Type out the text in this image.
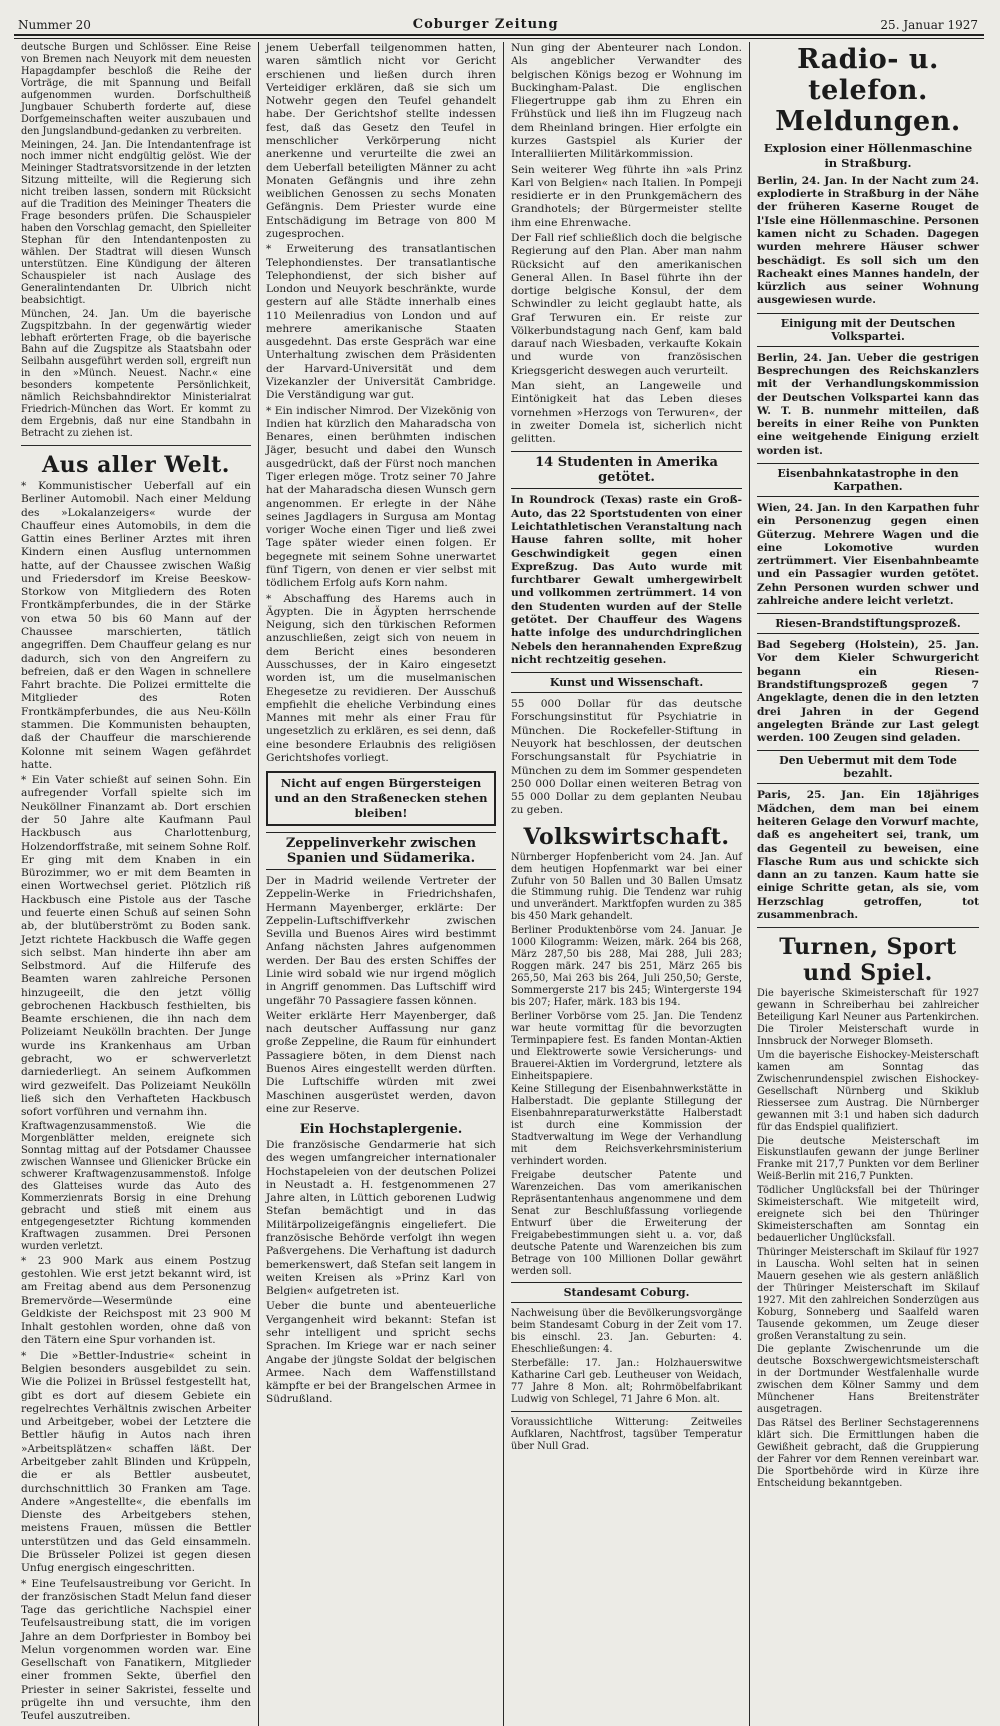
Nummer 20	Coburger Zeitung	25. Januar 1927

deutsche Burgen und Schlösser. Eine Reise von Bremen nach Neuyork mit dem neuesten Hapagdampfer beschloß die Reihe der Vorträge, die mit Spannung und Beifall aufgenommen wurden. Dorfschultheiß Jungbauer Schuberth forderte auf, diese Dorfgemeinschaften weiter auszubauen und den Jungslandbund-gedanken zu verbreiten.

Meiningen, 24. Jan. Die Intendantenfrage ist noch immer nicht endgültig gelöst. Wie der Meininger Stadtratsvorsitzende in der letzten Sitzung mitteilte, will die Regierung sich nicht treiben lassen, sondern mit Rücksicht auf die Tradition des Meininger Theaters die Frage besonders prüfen. Die Schauspieler haben den Vorschlag gemacht, den Spielleiter Stephan für den Intendantenposten zu wählen. Der Stadtrat will diesen Wunsch unterstützen. Eine Kündigung der älteren Schauspieler ist nach Auslage des Generalintendanten Dr. Ulbrich nicht beabsichtigt.

München, 24. Jan. Um die bayerische Zugspitzbahn. In der gegenwärtig wieder lebhaft erörterten Frage, ob die bayerische Bahn auf die Zugspitze als Staatsbahn oder Seilbahn ausgeführt werden soll, ergreift nun in den »Münch. Neuest. Nachr.« eine besonders kompetente Persönlichkeit, nämlich Reichsbahndirektor Ministerialrat Friedrich-München das Wort. Er kommt zu dem Ergebnis, daß nur eine Standbahn in Betracht zu ziehen ist.

Aus aller Welt.

* Kommunistischer Ueberfall auf ein Berliner Automobil. Nach einer Meldung des »Lokalanzeigers« wurde der Chauffeur eines Automobils, in dem die Gattin eines Berliner Arztes mit ihren Kindern einen Ausflug unternommen hatte, auf der Chaussee zwischen Waßig und Friedersdorf im Kreise Beeskow-Storkow von Mitgliedern des Roten Frontkämpferbundes, die in der Stärke von etwa 50 bis 60 Mann auf der Chaussee marschierten, tätlich angegriffen. Dem Chauffeur gelang es nur dadurch, sich von den Angreifern zu befreien, daß er den Wagen in schnellere Fahrt brachte. Die Polizei ermittelte die Mitglieder des Roten Frontkämpferbundes, die aus Neu-Kölln stammen. Die Kommunisten behaupten, daß der Chauffeur die marschierende Kolonne mit seinem Wagen gefährdet hatte.

* Ein Vater schießt auf seinen Sohn. Ein aufregender Vorfall spielte sich im Neuköllner Finanzamt ab. Dort erschien der 50 Jahre alte Kaufmann Paul Hackbusch aus Charlottenburg, Holzendorffstraße, mit seinem Sohne Rolf. Er ging mit dem Knaben in ein Bürozimmer, wo er mit dem Beamten in einen Wortwechsel geriet. Plötzlich riß Hackbusch eine Pistole aus der Tasche und feuerte einen Schuß auf seinen Sohn ab, der blutüberströmt zu Boden sank. Jetzt richtete Hackbusch die Waffe gegen sich selbst. Man hinderte ihn aber am Selbstmord. Auf die Hilferufe des Beamten waren zahlreiche Personen hinzugeeilt, die den jetzt völlig gebrochenen Hackbusch festhielten, bis Beamte erschienen, die ihn nach dem Polizeiamt Neukölln brachten. Der Junge wurde ins Krankenhaus am Urban gebracht, wo er schwerverletzt darniederliegt. An seinem Aufkommen wird gezweifelt. Das Polizeiamt Neukölln ließ sich den Verhafteten Hackbusch sofort vorführen und vernahm ihn.

Kraftwagenzusammenstoß. Wie die Morgenblätter melden, ereignete sich Sonntag mittag auf der Potsdamer Chaussee zwischen Wannsee und Glienicker Brücke ein schwerer Kraftwagenzusammenstoß. Infolge des Glatteises wurde das Auto des Kommerzienrats Borsig in eine Drehung gebracht und stieß mit einem aus entgegengesetzter Richtung kommenden Kraftwagen zusammen. Drei Personen wurden verletzt.

* 23 900 Mark aus einem Postzug gestohlen. Wie erst jetzt bekannt wird, ist am Freitag abend aus dem Personenzug Bremervörde—Wesermünde eine Geldkiste der Reichspost mit 23 900 M Inhalt gestohlen worden, ohne daß von den Tätern eine Spur vorhanden ist.

* Die »Bettler-Industrie« scheint in Belgien besonders ausgebildet zu sein. Wie die Polizei in Brüssel festgestellt hat, gibt es dort auf diesem Gebiete ein regelrechtes Verhältnis zwischen Arbeiter und Arbeitgeber, wobei der Letztere die Bettler häufig in Autos nach ihren »Arbeitsplätzen« schaffen läßt. Der Arbeitgeber zahlt Blinden und Krüppeln, die er als Bettler ausbeutet, durchschnittlich 30 Franken am Tage. Andere »Angestellte«, die ebenfalls im Dienste des Arbeitgebers stehen, meistens Frauen, müssen die Bettler unterstützen und das Geld einsammeln. Die Brüsseler Polizei ist gegen diesen Unfug energisch eingeschritten.

* Eine Teufelsaustreibung vor Gericht. In der französischen Stadt Melun fand dieser Tage das gerichtliche Nachspiel einer Teufelsaustreibung statt, die im vorigen Jahre an dem Dorfpriester in Bomboy bei Melun vorgenommen worden war. Eine Gesellschaft von Fanatikern, Mitglieder einer frommen Sekte, überfiel den Priester in seiner Sakristei, fesselte und prügelte ihn und versuchte, ihm den Teufel auszutreiben.

jenem Ueberfall teilgenommen hatten, waren sämtlich nicht vor Gericht erschienen und ließen durch ihren Verteidiger erklären, daß sie sich um Notwehr gegen den Teufel gehandelt habe. Der Gerichtshof stellte indessen fest, daß das Gesetz den Teufel in menschlicher Verkörperung nicht anerkenne und verurteilte die zwei an dem Ueberfall beteiligten Männer zu acht Monaten Gefängnis und ihre zehn weiblichen Genossen zu sechs Monaten Gefängnis. Dem Priester wurde eine Entschädigung im Betrage von 800 M zugesprochen.

* Erweiterung des transatlantischen Telephondienstes. Der transatlantische Telephondienst, der sich bisher auf London und Neuyork beschränkte, wurde gestern auf alle Städte innerhalb eines 110 Meilenradius von London und auf mehrere amerikanische Staaten ausgedehnt. Das erste Gespräch war eine Unterhaltung zwischen dem Präsidenten der Harvard-Universität und dem Vizekanzler der Universität Cambridge. Die Verständigung war gut.

* Ein indischer Nimrod. Der Vizekönig von Indien hat kürzlich den Maharadscha von Benares, einen berühmten indischen Jäger, besucht und dabei den Wunsch ausgedrückt, daß der Fürst noch manchen Tiger erlegen möge. Trotz seiner 70 Jahre hat der Maharadscha diesen Wunsch gern angenommen. Er erlegte in der Nähe seines Jagdlagers in Surgusa am Montag voriger Woche einen Tiger und ließ zwei Tage später wieder einen folgen. Er begegnete mit seinem Sohne unerwartet fünf Tigern, von denen er vier selbst mit tödlichem Erfolg aufs Korn nahm.

* Abschaffung des Harems auch in Ägypten. Die in Ägypten herrschende Neigung, sich den türkischen Reformen anzuschließen, zeigt sich von neuem in dem Bericht eines besonderen Ausschusses, der in Kairo eingesetzt worden ist, um die muselmanischen Ehegesetze zu revidieren. Der Ausschuß empfiehlt die eheliche Verbindung eines Mannes mit mehr als einer Frau für ungesetzlich zu erklären, es sei denn, daß eine besondere Erlaubnis des religiösen Gerichtshofes vorliegt.

Nicht auf engen Bürgersteigen und an den Straßenecken stehen bleiben!
Zeppelinverkehr zwischen Spanien und Südamerika.

Der in Madrid weilende Vertreter der Zeppelin-Werke in Friedrichshafen, Hermann Mayenberger, erklärte: Der Zeppelin-Luftschiffverkehr zwischen Sevilla und Buenos Aires wird bestimmt Anfang nächsten Jahres aufgenommen werden. Der Bau des ersten Schiffes der Linie wird sobald wie nur irgend möglich in Angriff genommen. Das Luftschiff wird ungefähr 70 Passagiere fassen können.

Weiter erklärte Herr Mayenberger, daß nach deutscher Auffassung nur ganz große Zeppeline, die Raum für einhundert Passagiere böten, in dem Dienst nach Buenos Aires eingestellt werden dürften. Die Luftschiffe würden mit zwei Maschinen ausgerüstet werden, davon eine zur Reserve.

Ein Hochstaplergenie.

Die französische Gendarmerie hat sich des wegen umfangreicher internationaler Hochstapeleien von der deutschen Polizei in Neustadt a. H. festgenommenen 27 Jahre alten, in Lüttich geborenen Ludwig Stefan bemächtigt und in das Militärpolizeigefängnis eingeliefert. Die französische Behörde verfolgt ihn wegen Paßvergehens. Die Verhaftung ist dadurch bemerkenswert, daß Stefan seit langem in weiten Kreisen als »Prinz Karl von Belgien« aufgetreten ist.

Ueber die bunte und abenteuerliche Vergangenheit wird bekannt: Stefan ist sehr intelligent und spricht sechs Sprachen. Im Kriege war er nach seiner Angabe der jüngste Soldat der belgischen Armee. Nach dem Waffenstillstand kämpfte er bei der Brangelschen Armee in Südrußland.

Nun ging der Abenteurer nach London. Als angeblicher Verwandter des belgischen Königs bezog er Wohnung im Buckingham-Palast. Die englischen Fliegertruppe gab ihm zu Ehren ein Frühstück und ließ ihn im Flugzeug nach dem Rheinland bringen. Hier erfolgte ein kurzes Gastspiel als Kurier der Interalliierten Militärkommission.

Sein weiterer Weg führte ihn »als Prinz Karl von Belgien« nach Italien. In Pompeji residierte er in den Prunkgemächern des Grandhotels; der Bürgermeister stellte ihm eine Ehrenwache.

Der Fall rief schließlich doch die belgische Regierung auf den Plan. Aber man nahm Rücksicht auf den amerikanischen General Allen. In Basel führte ihn der dortige belgische Konsul, der dem Schwindler zu leicht geglaubt hatte, als Graf Terwuren ein. Er reiste zur Völkerbundstagung nach Genf, kam bald darauf nach Wiesbaden, verkaufte Kokain und wurde von französischen Kriegsgericht deswegen auch verurteilt.

Man sieht, an Langeweile und Eintönigkeit hat das Leben dieses vornehmen »Herzogs von Terwuren«, der in zweiter Domela ist, sicherlich nicht gelitten.

14 Studenten in Amerika getötet.

In Roundrock (Texas) raste ein Groß-Auto, das 22 Sportstudenten von einer Leichtathletischen Veranstaltung nach Hause fahren sollte, mit hoher Geschwindigkeit gegen einen Expreßzug. Das Auto wurde mit furchtbarer Gewalt umhergewirbelt und vollkommen zertrümmert. 14 von den Studenten wurden auf der Stelle getötet. Der Chauffeur des Wagens hatte infolge des undurchdringlichen Nebels den herannahenden Expreßzug nicht rechtzeitig gesehen.

Kunst und Wissenschaft.

55 000 Dollar für das deutsche Forschungsinstitut für Psychiatrie in München. Die Rockefeller-Stiftung in Neuyork hat beschlossen, der deutschen Forschungsanstalt für Psychiatrie in München zu dem im Sommer gespendeten 250 000 Dollar einen weiteren Betrag von 55 000 Dollar zu dem geplanten Neubau zu geben.

Volkswirtschaft.

Nürnberger Hopfenbericht vom 24. Jan. Auf dem heutigen Hopfenmarkt war bei einer Zufuhr von 50 Ballen und 30 Ballen Umsatz die Stimmung ruhig. Die Tendenz war ruhig und unverändert. Marktfopfen wurden zu 385 bis 450 Mark gehandelt.

Berliner Produktenbörse vom 24. Januar. Je 1000 Kilogramm: Weizen, märk. 264 bis 268, März 287,50 bis 288, Mai 288, Juli 283; Roggen märk. 247 bis 251, März 265 bis 265,50, Mai 263 bis 264, Juli 250,50; Gerste, Sommergerste 217 bis 245; Wintergerste 194 bis 207; Hafer, märk. 183 bis 194.

Berliner Vorbörse vom 25. Jan. Die Tendenz war heute vormittag für die bevorzugten Terminpapiere fest. Es fanden Montan-Aktien und Elektrowerte sowie Versicherungs- und Brauerei-Aktien im Vordergrund, letztere als Einheitspapiere.

Keine Stillegung der Eisenbahnwerkstätte in Halberstadt. Die geplante Stillegung der Eisenbahnreparaturwerkstätte Halberstadt ist durch eine Kommission der Stadtverwaltung im Wege der Verhandlung mit dem Reichsverkehrsministerium verhindert worden.

Freigabe deutscher Patente und Warenzeichen. Das vom amerikanischen Repräsentantenhaus angenommene und dem Senat zur Beschlußfassung vorliegende Entwurf über die Erweiterung der Freigabebestimmungen sieht u. a. vor, daß deutsche Patente und Warenzeichen bis zum Betrage von 100 Millionen Dollar gewährt werden soll.

Standesamt Coburg.

Nachweisung über die Bevölkerungsvorgänge beim Standesamt Coburg in der Zeit vom 17. bis einschl. 23. Jan. Geburten: 4. Eheschließungen: 4.

Sterbefälle: 17. Jan.: Holzhauerswitwe Katharine Carl geb. Leutheuser von Weidach, 77 Jahre 8 Mon. alt; Rohrmöbelfabrikant Ludwig von Schlegel, 71 Jahre 6 Mon. alt.

Voraussichtliche Witterung: Zeitweiles Aufklaren, Nachtfrost, tagsüber Temperatur über Null Grad.

Radio- u. telefon. Meldungen.
Explosion einer Höllenmaschine in Straßburg.

Berlin, 24. Jan. In der Nacht zum 24. explodierte in Straßburg in der Nähe der früheren Kaserne Rouget de l'Isle eine Höllenmaschine. Personen kamen nicht zu Schaden. Dagegen wurden mehrere Häuser schwer beschädigt. Es soll sich um den Racheakt eines Mannes handeln, der kürzlich aus seiner Wohnung ausgewiesen wurde.

Einigung mit der Deutschen Volkspartei.

Berlin, 24. Jan. Ueber die gestrigen Besprechungen des Reichskanzlers mit der Verhandlungskommission der Deutschen Volkspartei kann das W. T. B. nunmehr mitteilen, daß bereits in einer Reihe von Punkten eine weitgehende Einigung erzielt worden ist.

Eisenbahnkatastrophe in den Karpathen.

Wien, 24. Jan. In den Karpathen fuhr ein Personenzug gegen einen Güterzug. Mehrere Wagen und die eine Lokomotive wurden zertrümmert. Vier Eisenbahnbeamte und ein Passagier wurden getötet. Zehn Personen wurden schwer und zahlreiche andere leicht verletzt.

Riesen-Brandstiftungsprozeß.

Bad Segeberg (Holstein), 25. Jan. Vor dem Kieler Schwurgericht begann ein Riesen-Brandstiftungsprozeß gegen 7 Angeklagte, denen die in den letzten drei Jahren in der Gegend angelegten Brände zur Last gelegt werden. 100 Zeugen sind geladen.

Den Uebermut mit dem Tode bezahlt.

Paris, 25. Jan. Ein 18jähriges Mädchen, dem man bei einem heiteren Gelage den Vorwurf machte, daß es angeheitert sei, trank, um das Gegenteil zu beweisen, eine Flasche Rum aus und schickte sich dann an zu tanzen. Kaum hatte sie einige Schritte getan, als sie, vom Herzschlag getroffen, tot zusammenbrach.

Turnen, Sport und Spiel.

Die bayerische Skimeisterschaft für 1927 gewann in Schreiberhau bei zahlreicher Beteiligung Karl Neuner aus Partenkirchen. Die Tiroler Meisterschaft wurde in Innsbruck der Norweger Blomseth.

Um die bayerische Eishockey-Meisterschaft kamen am Sonntag das Zwischenrundenspiel zwischen Eishockey-Gesellschaft Nürnberg und Skiklub Riessersee zum Austrag. Die Nürnberger gewannen mit 3:1 und haben sich dadurch für das Endspiel qualifiziert.

Die deutsche Meisterschaft im Eiskunstlaufen gewann der junge Berliner Franke mit 217,7 Punkten vor dem Berliner Weiß-Berlin mit 216,7 Punkten.

Tödlicher Unglücksfall bei der Thüringer Skimeisterschaft. Wie mitgeteilt wird, ereignete sich bei den Thüringer Skimeisterschaften am Sonntag ein bedauerlicher Unglücksfall.

Thüringer Meisterschaft im Skilauf für 1927 in Lauscha. Wohl selten hat in seinen Mauern gesehen wie als gestern anläßlich der Thüringer Meisterschaft im Skilauf 1927. Mit den zahlreichen Sonderzügen aus Koburg, Sonneberg und Saalfeld waren Tausende gekommen, um Zeuge dieser großen Veranstaltung zu sein.

Die geplante Zwischenrunde um die deutsche Boxschwergewichtsmeisterschaft in der Dortmunder Westfalenhalle wurde zwischen dem Kölner Sammy und dem Münchener Hans Breitensträter ausgetragen.

Das Rätsel des Berliner Sechstagerennens klärt sich. Die Ermittlungen haben die Gewißheit gebracht, daß die Gruppierung der Fahrer vor dem Rennen vereinbart war. Die Sportbehörde wird in Kürze ihre Entscheidung bekanntgeben.
